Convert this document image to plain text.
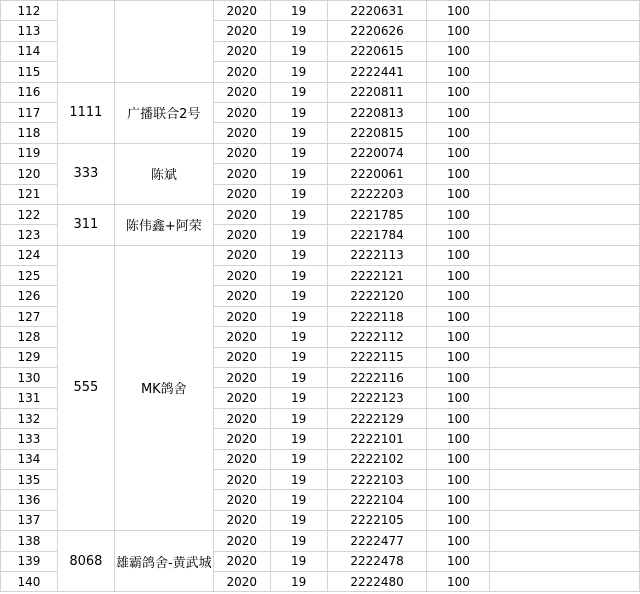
112			2020	19	2220631	100	
113			2020	19	2220626	100	
114			2020	19	2220615	100	
115			2020	19	2222441	100	
116	1111	广播联合2号	2020	19	2220811	100	
117			2020	19	2220813	100	
118			2020	19	2220815	100	
119	333	陈斌	2020	19	2220074	100	
120			2020	19	2220061	100	
121			2020	19	2222203	100	
122	311	陈伟鑫+阿荣	2020	19	2221785	100	
123			2020	19	2221784	100	
124	555	MK鸽舍	2020	19	2222113	100	
125			2020	19	2222121	100	
126			2020	19	2222120	100	
127			2020	19	2222118	100	
128			2020	19	2222112	100	
129			2020	19	2222115	100	
130			2020	19	2222116	100	
131			2020	19	2222123	100	
132			2020	19	2222129	100	
133			2020	19	2222101	100	
134			2020	19	2222102	100	
135			2020	19	2222103	100	
136			2020	19	2222104	100	
137			2020	19	2222105	100	
138	8068	雄霸鸽舍-黄武城	2020	19	2222477	100	
139			2020	19	2222478	100	
140			2020	19	2222480	100	
